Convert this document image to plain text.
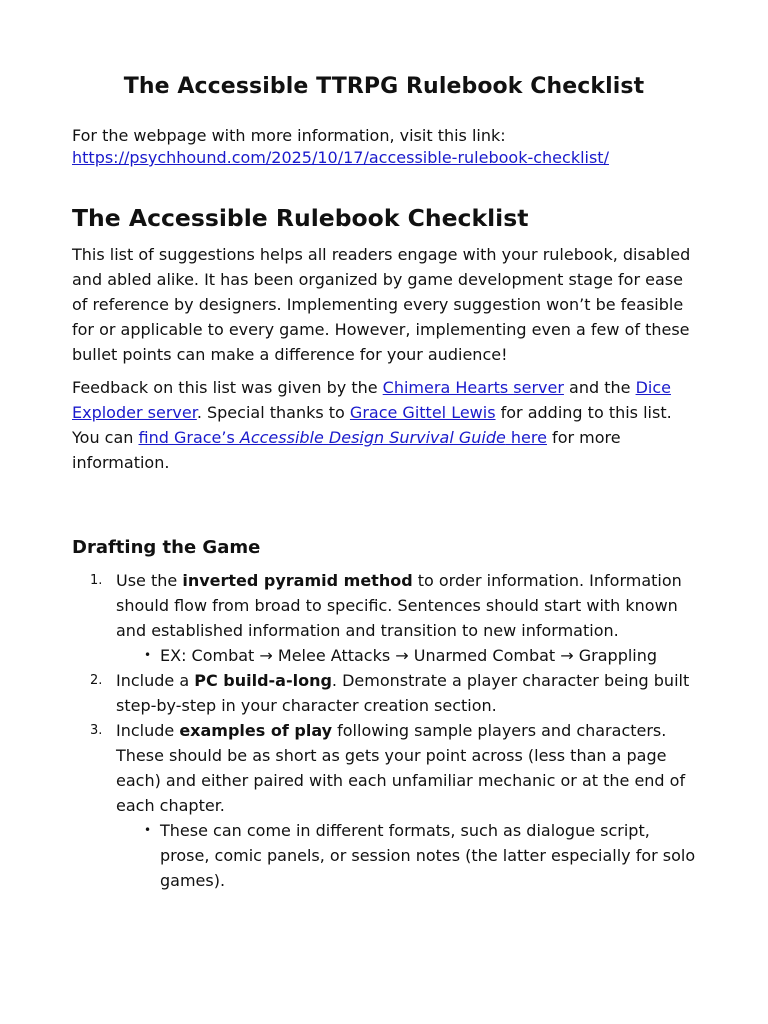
The Accessible TTRPG Rulebook Checklist
For the webpage with more information, visit this link:
https://psychhound.com/2025/10/17/accessible-rulebook-checklist/
The Accessible Rulebook Checklist

This list of suggestions helps all readers engage with your rulebook, disabled and abled alike. It has been organized by game development stage for ease of reference by designers. Implementing every suggestion won’t be feasible for or applicable to every game. However, implementing even a few of these bullet points can make a difference for your audience!

Feedback on this list was given by the Chimera Hearts server and the Dice Exploder server. Special thanks to Grace Gittel Lewis for adding to this list. You can find Grace’s Accessible Design Survival Guide here for more information.

Drafting the Game
1. Use the inverted pyramid method to order information. Information should flow from broad to specific. Sentences should start with known and established information and transition to new information.
• EX: Combat → Melee Attacks → Unarmed Combat → Grappling
2. Include a PC build-a-long. Demonstrate a player character being built step-by-step in your character creation section.
3. Include examples of play following sample players and characters. These should be as short as gets your point across (less than a page each) and either paired with each unfamiliar mechanic or at the end of each chapter.
• These can come in different formats, such as dialogue script, prose, comic panels, or session notes (the latter especially for solo games).
